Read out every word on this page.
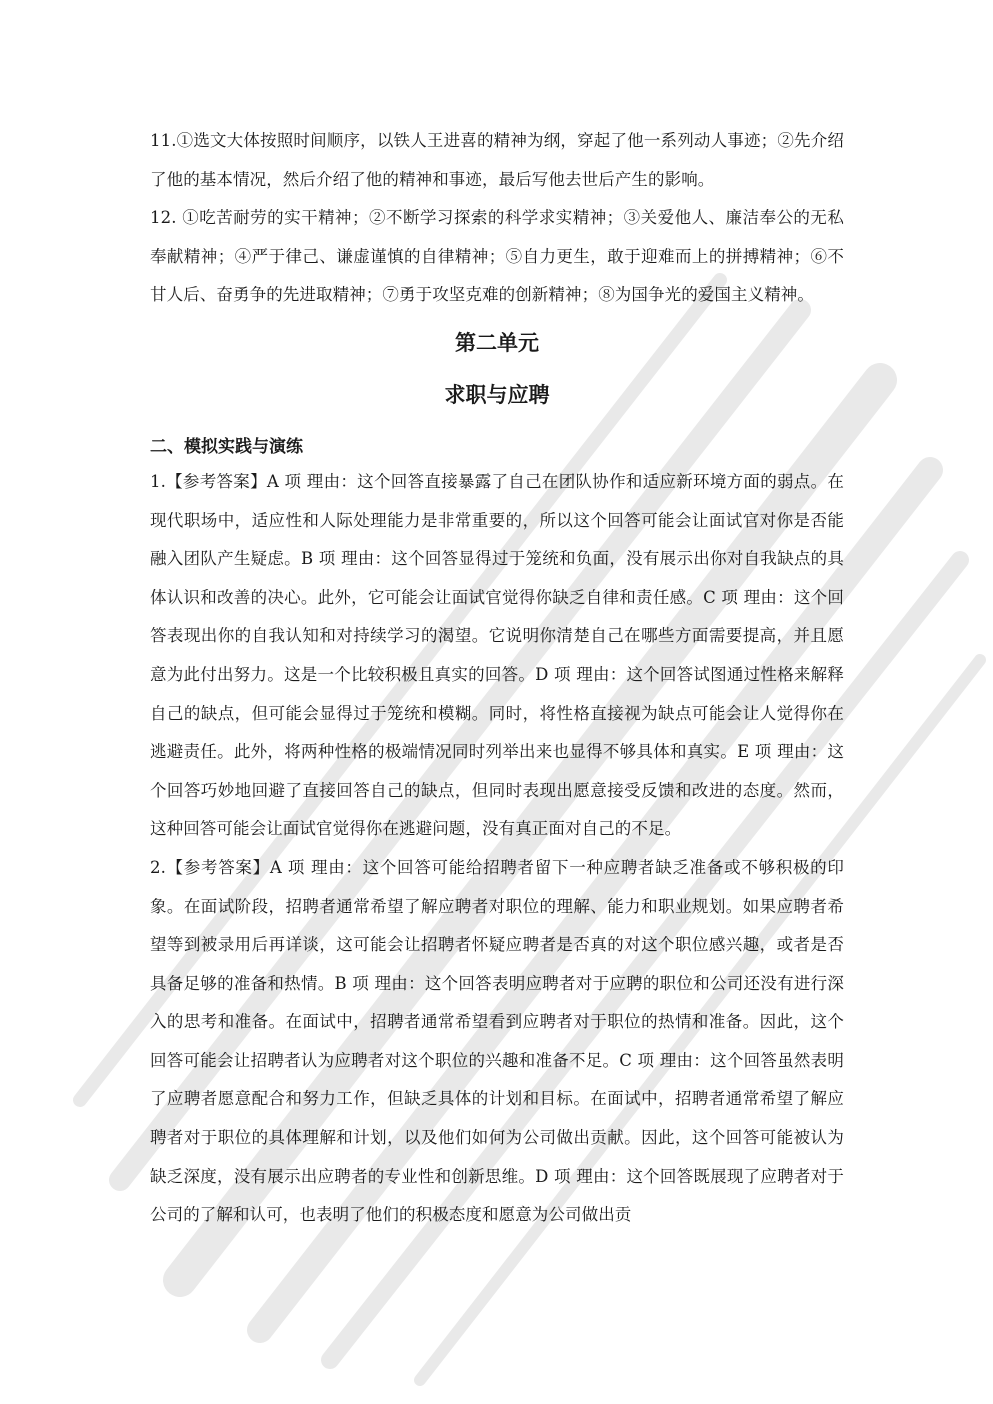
11.①选文大体按照时间顺序，以铁人王进喜的精神为纲，穿起了他一系列动人事迹；②先介绍了他的基本情况，然后介绍了他的精神和事迹，最后写他去世后产生的影响。

12. ①吃苦耐劳的实干精神；②不断学习探索的科学求实精神；③关爱他人、廉洁奉公的无私奉献精神；④严于律己、谦虚谨慎的自律精神；⑤自力更生，敢于迎难而上的拼搏精神；⑥不甘人后、奋勇争的先进取精神；⑦勇于攻坚克难的创新精神；⑧为国争光的爱国主义精神。

第二单元
求职与应聘
二、模拟实践与演练

1.【参考答案】A 项 理由：这个回答直接暴露了自己在团队协作和适应新环境方面的弱点。在现代职场中，适应性和人际处理能力是非常重要的，所以这个回答可能会让面试官对你是否能融入团队产生疑虑。B 项 理由：这个回答显得过于笼统和负面，没有展示出你对自我缺点的具体认识和改善的决心。此外，它可能会让面试官觉得你缺乏自律和责任感。C 项 理由：这个回答表现出你的自我认知和对持续学习的渴望。它说明你清楚自己在哪些方面需要提高，并且愿意为此付出努力。这是一个比较积极且真实的回答。D 项 理由：这个回答试图通过性格来解释自己的缺点，但可能会显得过于笼统和模糊。同时，将性格直接视为缺点可能会让人觉得你在逃避责任。此外，将两种性格的极端情况同时列举出来也显得不够具体和真实。E 项 理由：这个回答巧妙地回避了直接回答自己的缺点，但同时表现出愿意接受反馈和改进的态度。然而，这种回答可能会让面试官觉得你在逃避问题，没有真正面对自己的不足。

2.【参考答案】A 项 理由：这个回答可能给招聘者留下一种应聘者缺乏准备或不够积极的印象。在面试阶段，招聘者通常希望了解应聘者对职位的理解、能力和职业规划。如果应聘者希望等到被录用后再详谈，这可能会让招聘者怀疑应聘者是否真的对这个职位感兴趣，或者是否具备足够的准备和热情。B 项 理由：这个回答表明应聘者对于应聘的职位和公司还没有进行深入的思考和准备。在面试中，招聘者通常希望看到应聘者对于职位的热情和准备。因此，这个回答可能会让招聘者认为应聘者对这个职位的兴趣和准备不足。C 项 理由：这个回答虽然表明了应聘者愿意配合和努力工作，但缺乏具体的计划和目标。在面试中，招聘者通常希望了解应聘者对于职位的具体理解和计划，以及他们如何为公司做出贡献。因此，这个回答可能被认为缺乏深度，没有展示出应聘者的专业性和创新思维。D 项 理由：这个回答既展现了应聘者对于公司的了解和认可，也表明了他们的积极态度和愿意为公司做出贡
